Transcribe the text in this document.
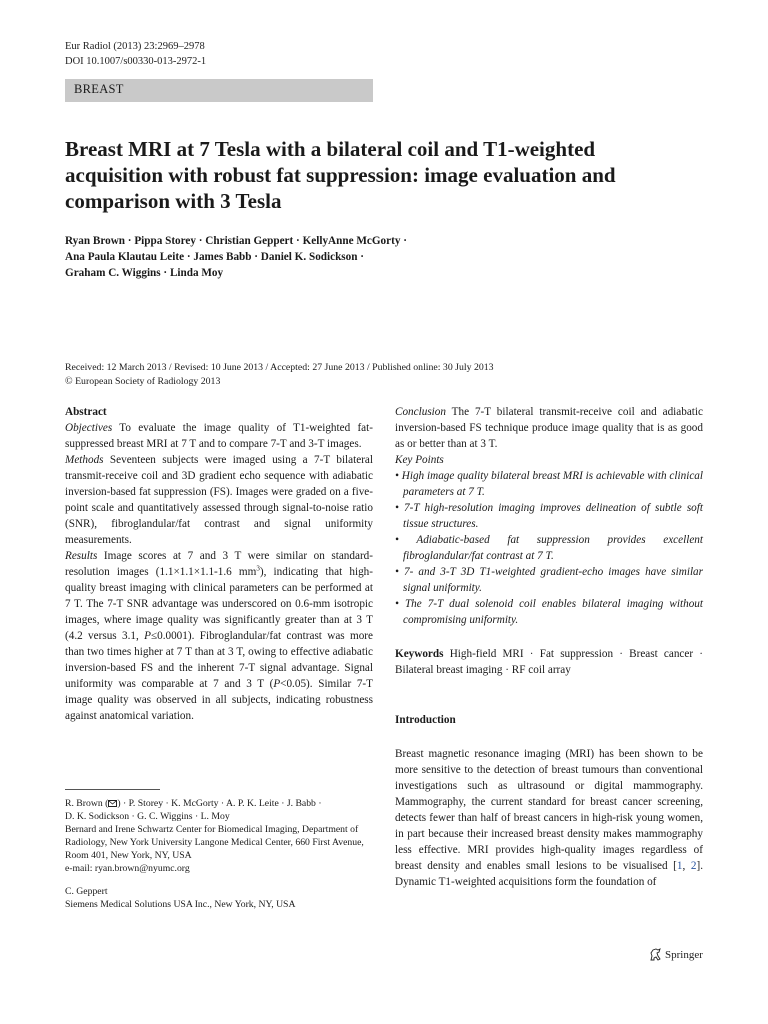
Eur Radiol (2013) 23:2969–2978
DOI 10.1007/s00330-013-2972-1
BREAST
Breast MRI at 7 Tesla with a bilateral coil and T1-weighted acquisition with robust fat suppression: image evaluation and comparison with 3 Tesla
Ryan Brown · Pippa Storey · Christian Geppert · KellyAnne McGorty ·
Ana Paula Klautau Leite · James Babb · Daniel K. Sodickson ·
Graham C. Wiggins · Linda Moy
Received: 12 March 2013 / Revised: 10 June 2013 / Accepted: 27 June 2013 / Published online: 30 July 2013
© European Society of Radiology 2013

Abstract

Objectives To evaluate the image quality of T1-weighted fat-suppressed breast MRI at 7 T and to compare 7-T and 3-T images.

Methods Seventeen subjects were imaged using a 7-T bilateral transmit-receive coil and 3D gradient echo sequence with adiabatic inversion-based fat suppression (FS). Images were graded on a five-point scale and quantitatively assessed through signal-to-noise ratio (SNR), fibroglandular/fat contrast and signal uniformity measurements.

Results Image scores at 7 and 3 T were similar on standard-resolution images (1.1×1.1×1.1-1.6 $mm^3$), indicating that high-quality breast imaging with clinical parameters can be performed at 7 T. The 7-T SNR advantage was underscored on 0.6-mm isotropic images, where image quality was significantly greater than at 3 T (4.2 versus 3.1, P≤0.0001). Fibroglandular/fat contrast was more than two times higher at 7 T than at 3 T, owing to effective adiabatic inversion-based FS and the inherent 7-T signal advantage. Signal uniformity was comparable at 7 and 3 T (P<0.05). Similar 7-T image quality was observed in all subjects, indicating robustness against anatomical variation.

R. Brown ( ) · P. Storey · K. McGorty · A. P. K. Leite · J. Babb ·

D. K. Sodickson · G. C. Wiggins · L. Moy

Bernard and Irene Schwartz Center for Biomedical Imaging, Department of Radiology, New York University Langone Medical Center, 660 First Avenue, Room 401, New York, NY, USA

e-mail: ryan.brown@nyumc.org

C. Geppert

Siemens Medical Solutions USA Inc., New York, NY, USA

Conclusion The 7-T bilateral transmit-receive coil and adiabatic inversion-based FS technique produce image quality that is as good as or better than at 3 T.

Key Points

• High image quality bilateral breast MRI is achievable with clinical parameters at 7 T.

• 7-T high-resolution imaging improves delineation of subtle soft tissue structures.

• Adiabatic-based fat suppression provides excellent fibroglandular/fat contrast at 7 T.

• 7- and 3-T 3D T1-weighted gradient-echo images have similar signal uniformity.

• The 7-T dual solenoid coil enables bilateral imaging without compromising uniformity.

Keywords High-field MRI · Fat suppression · Breast cancer · Bilateral breast imaging · RF coil array

Introduction

Breast magnetic resonance imaging (MRI) has been shown to be more sensitive to the detection of breast tumours than conventional investigations such as ultrasound or digital mammography. Mammography, the current standard for breast cancer screening, detects fewer than half of breast cancers in high-risk young women, in part because their increased breast density makes mammography less effective. MRI provides high-quality images regardless of breast density and enables small lesions to be visualised [1, 2]. Dynamic T1-weighted acquisitions form the foundation of

Springer
